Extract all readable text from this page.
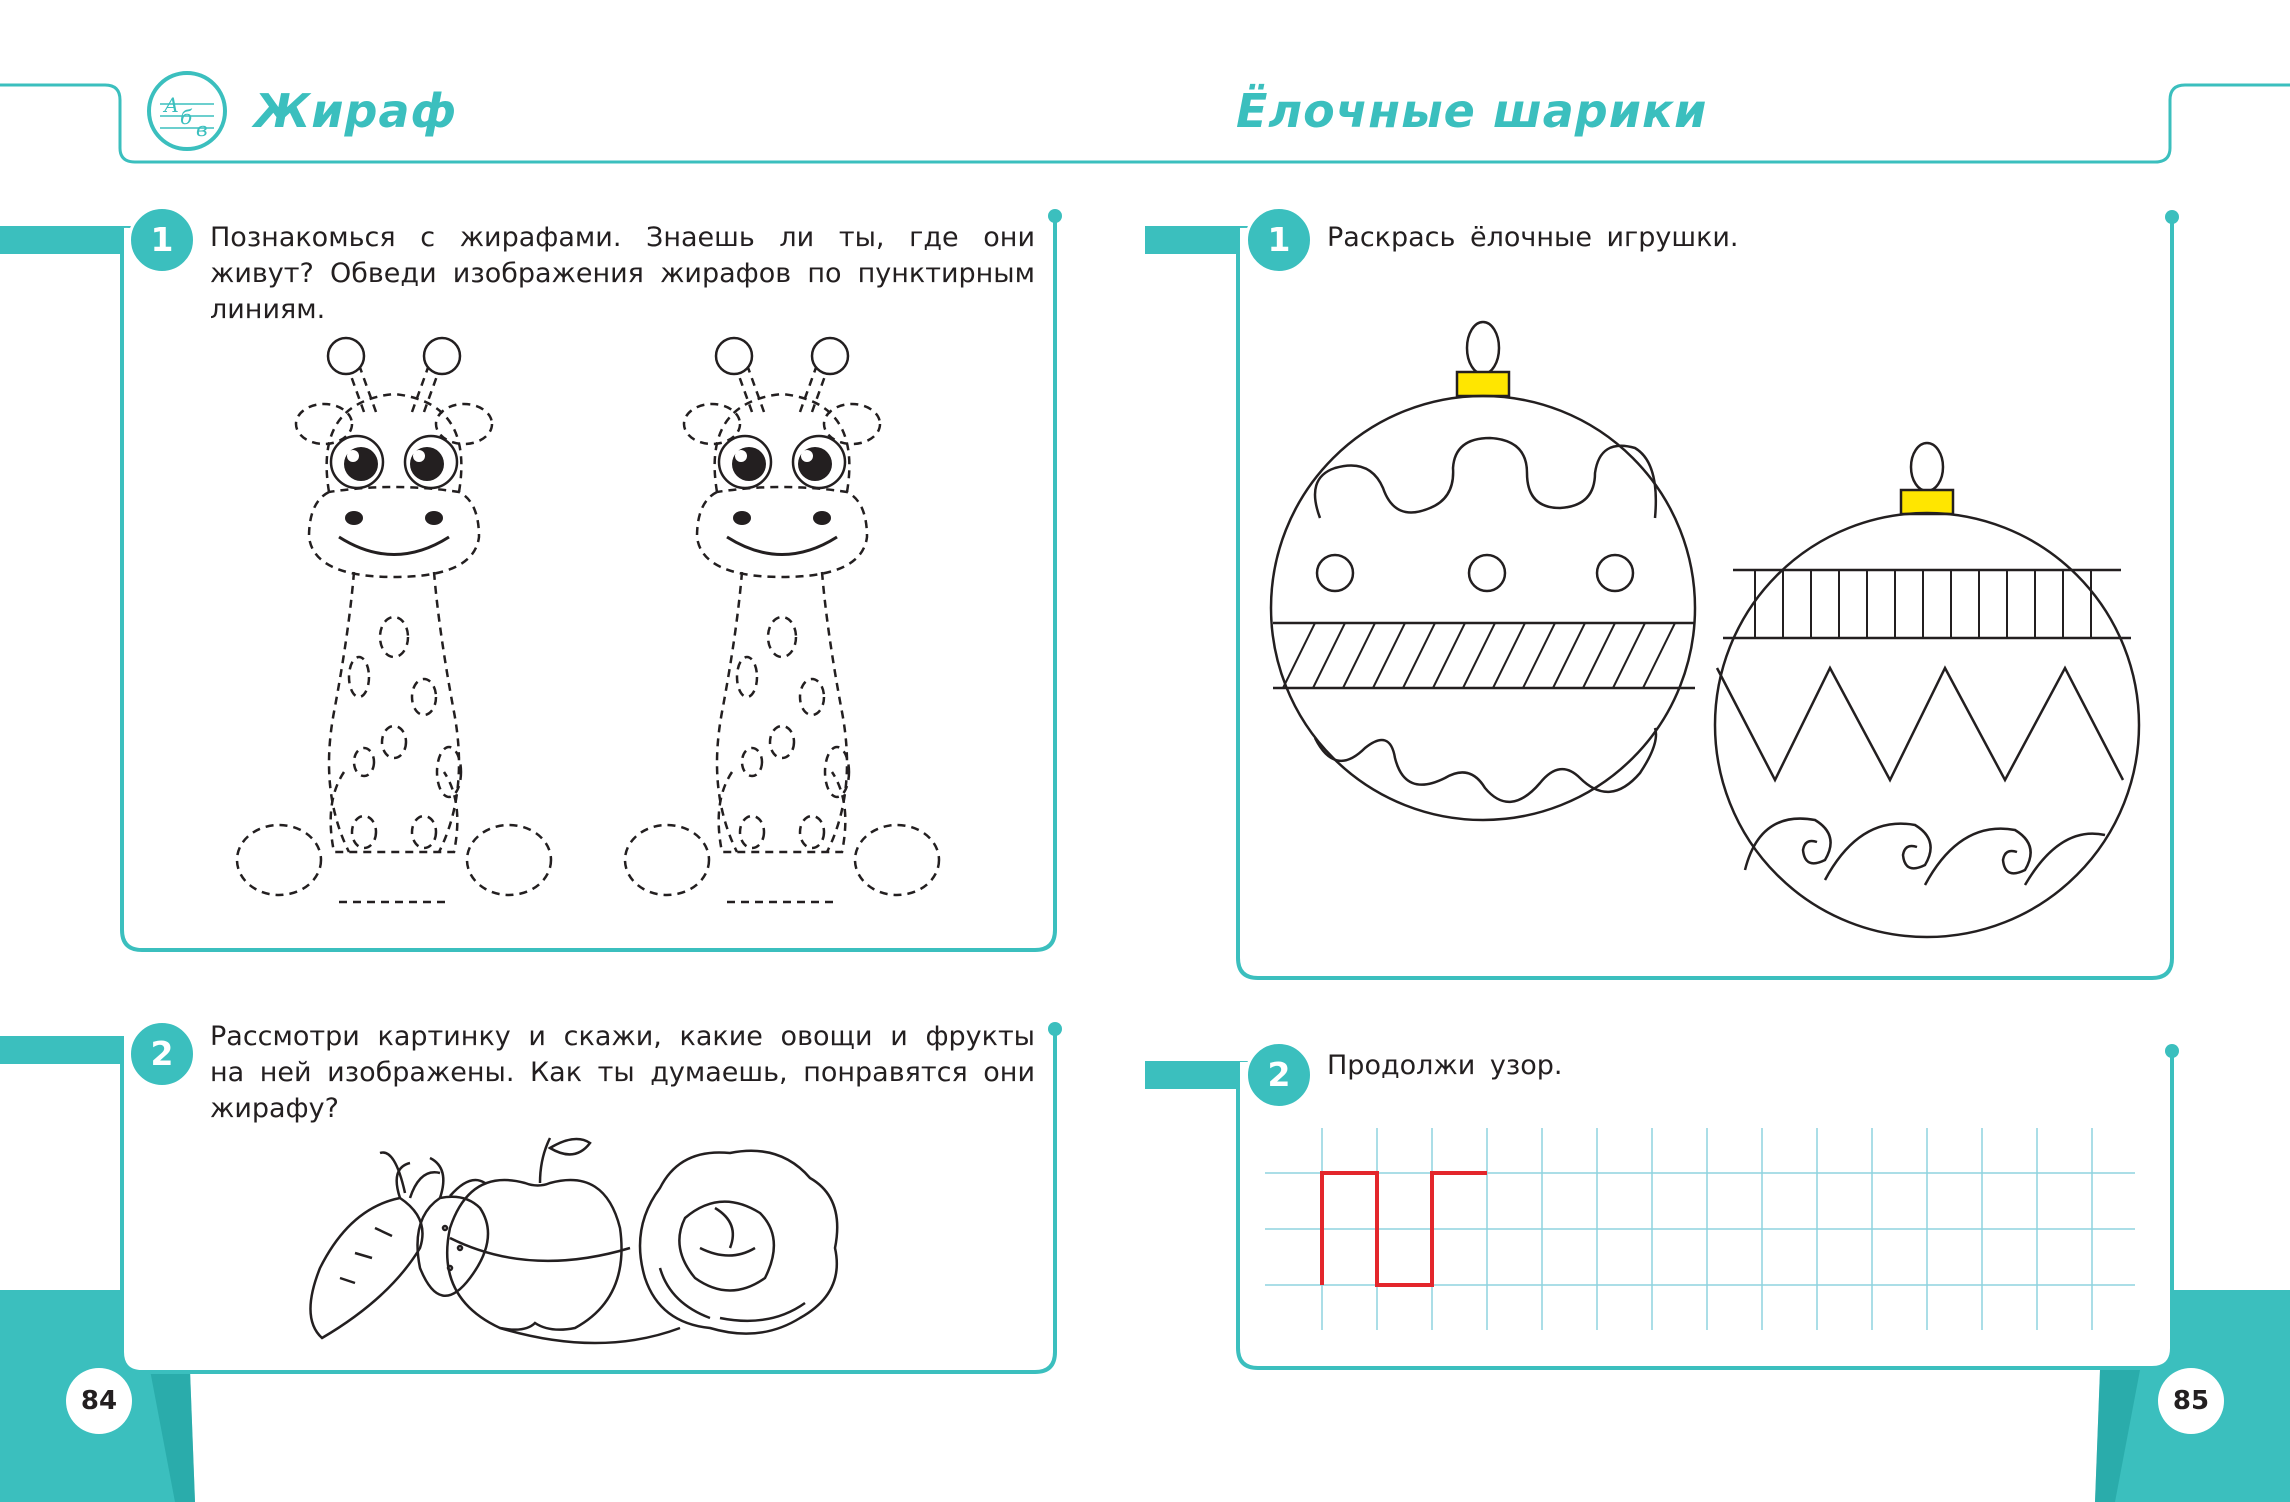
А б в Жираф	Ёлочные шарики
1
2
1
2
Познакомься с жирафами. Знаешь ли ты, где они живут? Обведи изображения жирафов по пунктирным линиям.
Рассмотри картинку и скажи, какие овощи и фрукты на ней изображены. Как ты думаешь, понравятся они жирафу?
Раскрась ёлочные игрушки.
Продолжи узор.
84	85
